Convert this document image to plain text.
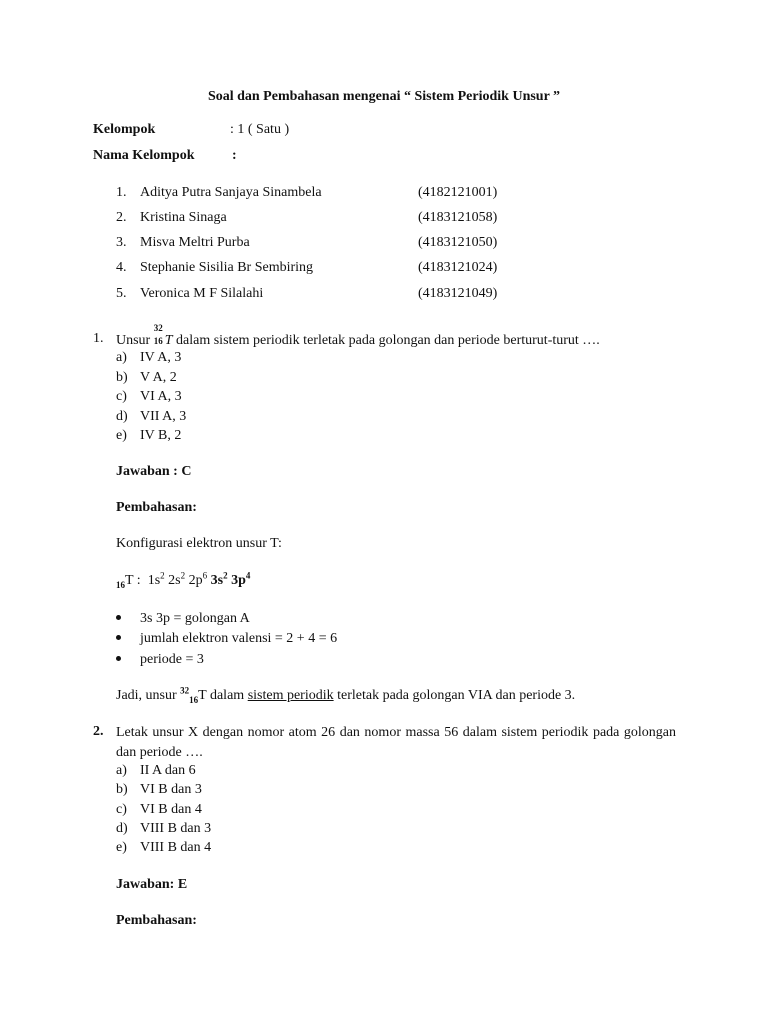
Soal dan Pembahasan mengenai “ Sistem Periodik Unsur ”
Kelompok	: 1 ( Satu )
Nama Kelompok	:
1. Aditya Putra Sanjaya Sinambela	(4182121001)
2. Kristina Sinaga	(4183121058)
3. Misva Meltri Purba	(4183121050)
4. Stephanie Sisilia Br Sembiring	(4183121024)
5. Veronica M F Silalahi	(4183121049)
1. Unsur
32
16 T dalam sistem periodik terletak pada golongan dan periode berturut-turut ….
a) IV A, 3
b) V A, 2
c) VI A, 3
d) VII A, 3
e) IV B, 2
Jawaban : C
Pembahasan:
Konfigurasi elektron unsur T:
$_{16}$T : $1s^2$ $2s^2$ $2p^6$ $3s^2$ $3p^4$
3s 3p = golongan A
jumlah elektron valensi = 2 + 4 = 6
periode = 3
Jadi, unsur $^{32}_{16}$T dalam sistem periodik terletak pada golongan VIA dan periode 3.
2. Letak unsur X dengan nomor atom 26 dan nomor massa 56 dalam sistem periodik pada golongan dan periode ….
a) II A dan 6
b) VI B dan 3
c) VI B dan 4
d) VIII B dan 3
e) VIII B dan 4
Jawaban: E
Pembahasan:
